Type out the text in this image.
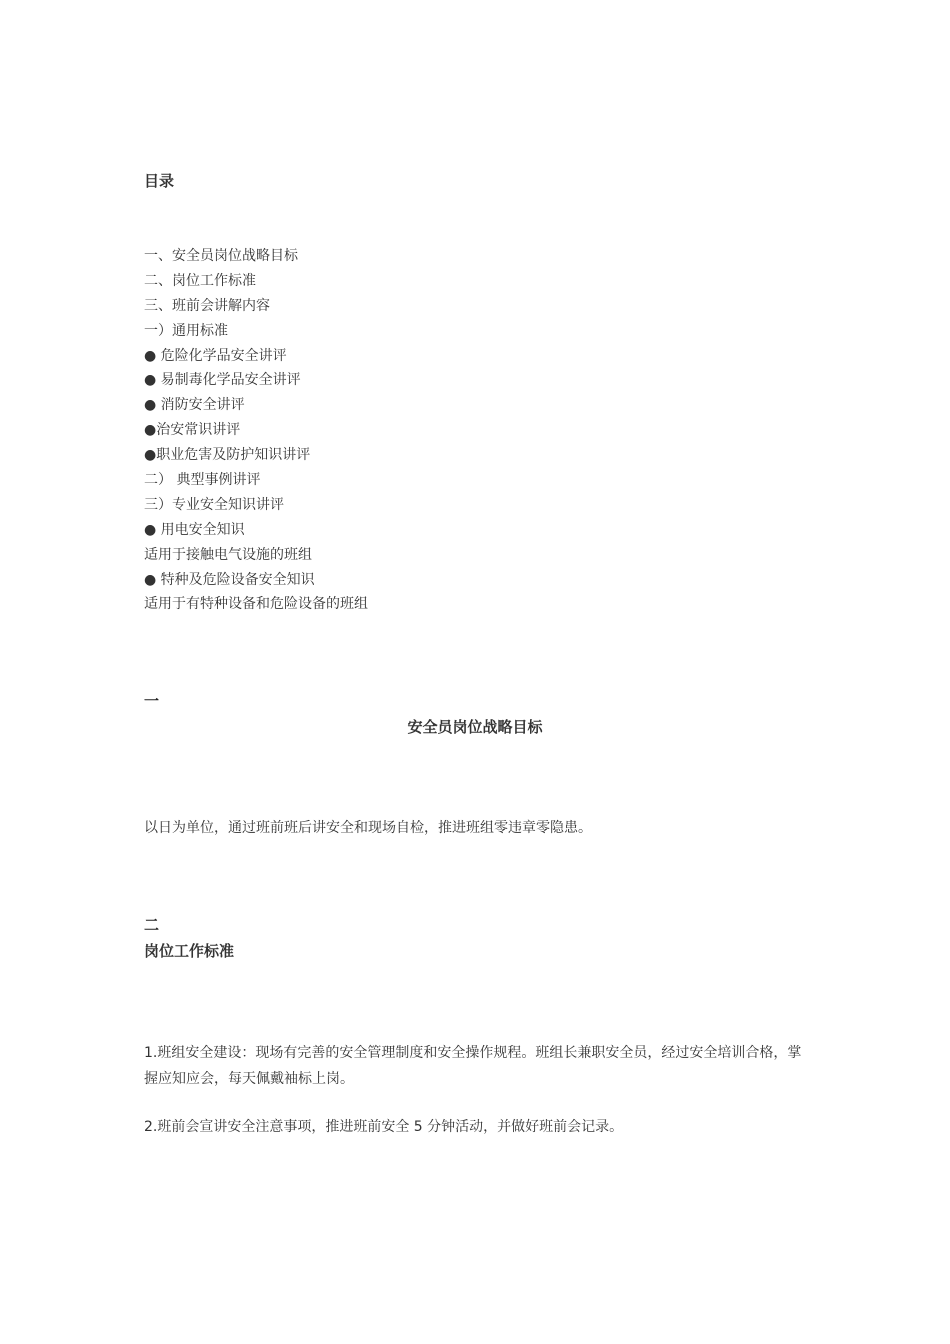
目录
一、安全员岗位战略目标
二、岗位工作标准
三、班前会讲解内容
一）通用标准
● 危险化学品安全讲评
● 易制毒化学品安全讲评
● 消防安全讲评
●治安常识讲评
●职业危害及防护知识讲评
二） 典型事例讲评
三）专业安全知识讲评
● 用电安全知识
适用于接触电气设施的班组
● 特种及危险设备安全知识
适用于有特种设备和危险设备的班组
一
安全员岗位战略目标
以日为单位，通过班前班后讲安全和现场自检，推进班组零违章零隐患。
二
岗位工作标准
1.班组安全建设：现场有完善的安全管理制度和安全操作规程。班组长兼职安全员，经过安全培训合格，掌握应知应会，每天佩戴袖标上岗。
2.班前会宣讲安全注意事项，推进班前安全 5 分钟活动，并做好班前会记录。
